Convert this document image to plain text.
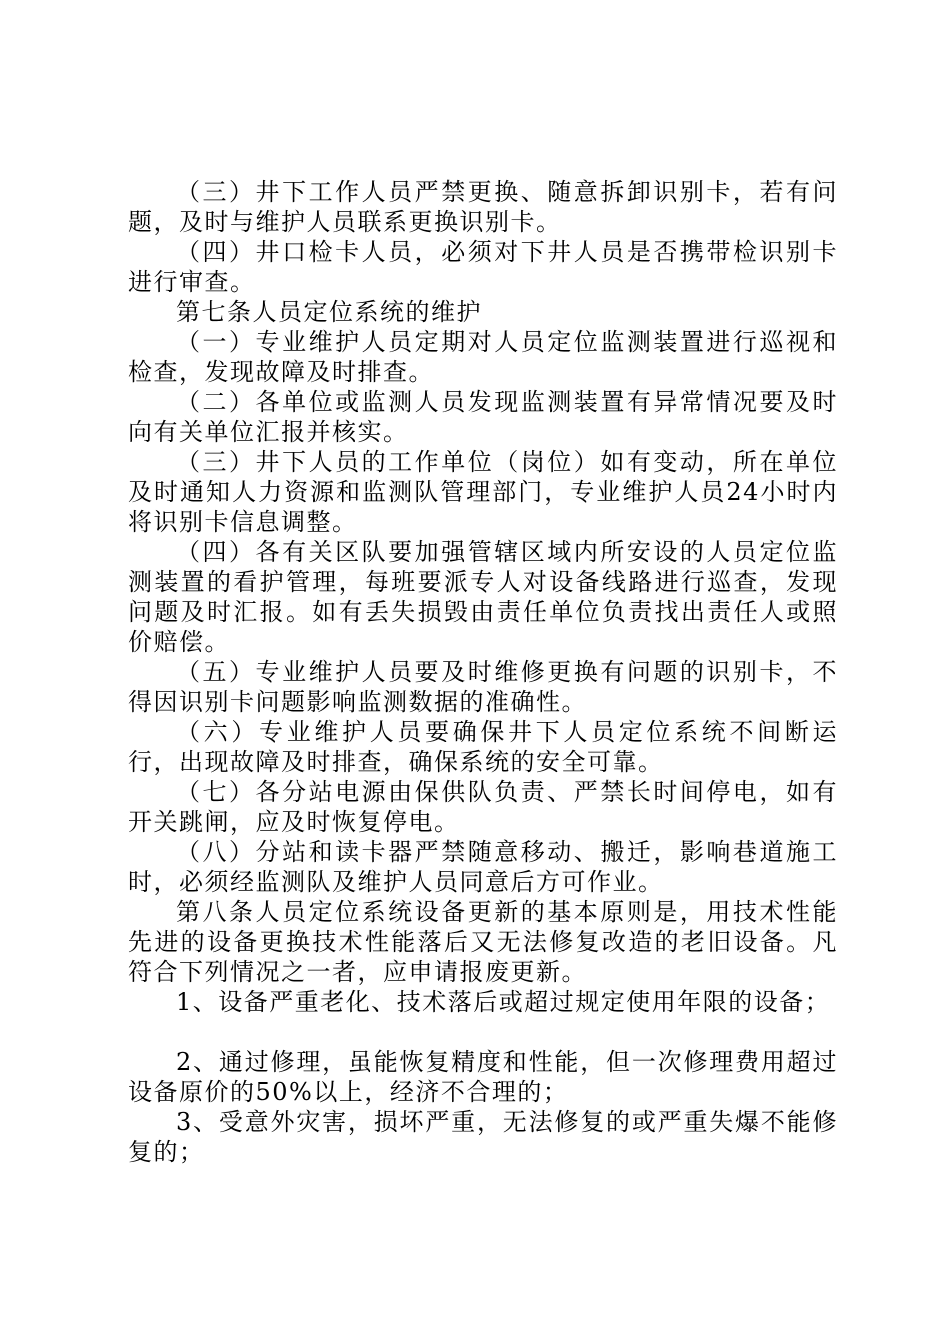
（三）井下工作人员严禁更换、随意拆卸识别卡，若有问题，及时与维护人员联系更换识别卡。

（四）井口检卡人员，必须对下井人员是否携带检识别卡进行审查。

第七条人员定位系统的维护

（一）专业维护人员定期对人员定位监测装置进行巡视和检查，发现故障及时排查。

（二）各单位或监测人员发现监测装置有异常情况要及时向有关单位汇报并核实。

（三）井下人员的工作单位（岗位）如有变动，所在单位及时通知人力资源和监测队管理部门，专业维护人员24小时内将识别卡信息调整。

（四）各有关区队要加强管辖区域内所安设的人员定位监测装置的看护管理，每班要派专人对设备线路进行巡查，发现问题及时汇报。如有丢失损毁由责任单位负责找出责任人或照价赔偿。

（五）专业维护人员要及时维修更换有问题的识别卡，不得因识别卡问题影响监测数据的准确性。

（六）专业维护人员要确保井下人员定位系统不间断运行，出现故障及时排查，确保系统的安全可靠。

（七）各分站电源由保供队负责、严禁长时间停电，如有开关跳闸，应及时恢复停电。

（八）分站和读卡器严禁随意移动、搬迁，影响巷道施工时，必须经监测队及维护人员同意后方可作业。

第八条人员定位系统设备更新的基本原则是，用技术性能先进的设备更换技术性能落后又无法修复改造的老旧设备。凡符合下列情况之一者，应申请报废更新。

1、设备严重老化、技术落后或超过规定使用年限的设备；

2、通过修理，虽能恢复精度和性能，但一次修理费用超过设备原价的50%以上，经济不合理的；

3、受意外灾害，损坏严重，无法修复的或严重失爆不能修复的；
